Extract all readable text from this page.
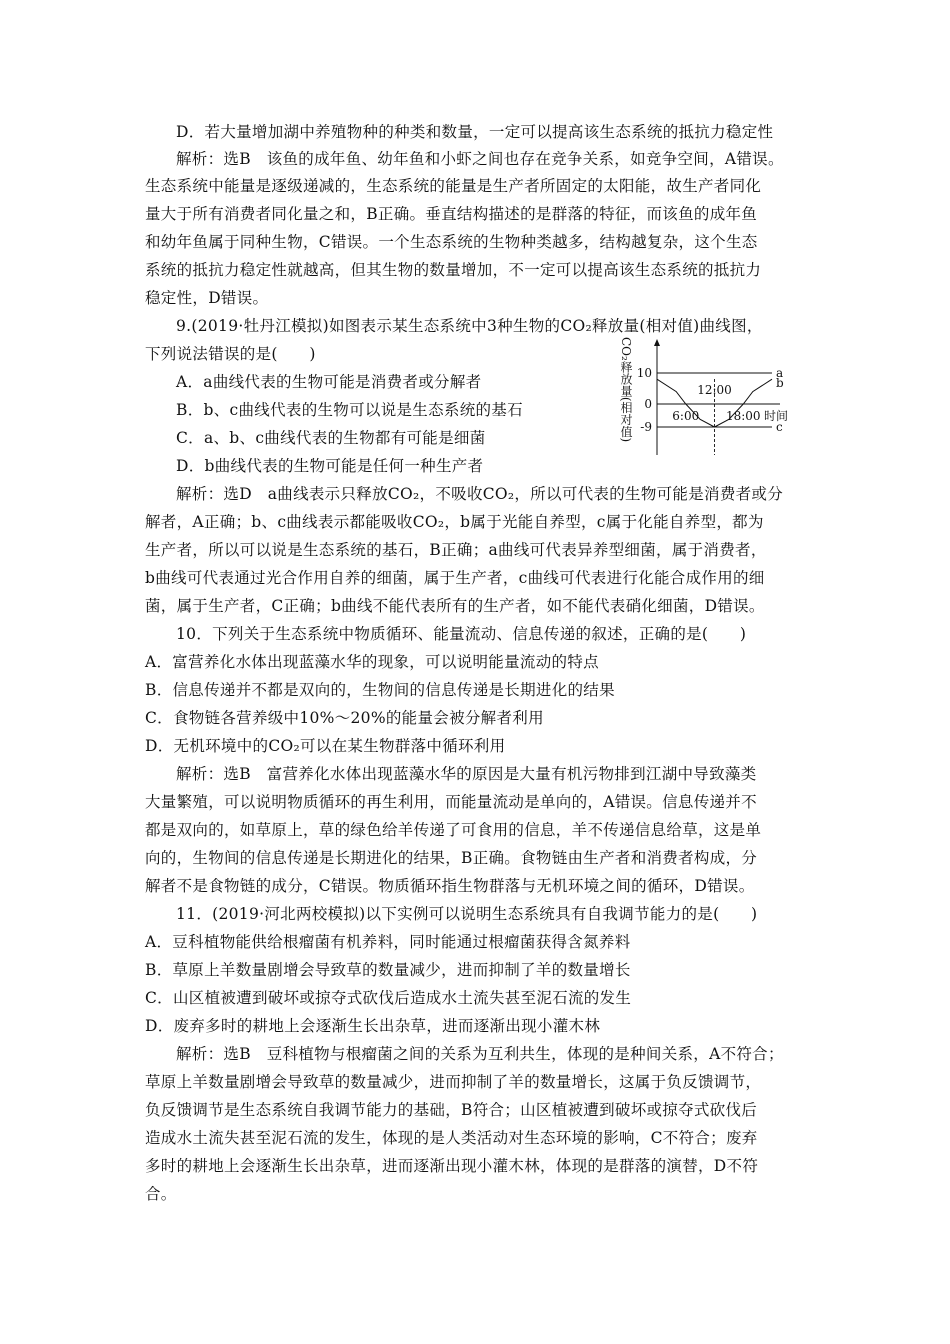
D．若大量增加湖中养殖物种的种类和数量，一定可以提高该生态系统的抵抗力稳定性
解析：选B　该鱼的成年鱼、幼年鱼和小虾之间也存在竞争关系，如竞争空间，A错误。
生态系统中能量是逐级递减的，生态系统的能量是生产者所固定的太阳能，故生产者同化
量大于所有消费者同化量之和，B正确。垂直结构描述的是群落的特征，而该鱼的成年鱼
和幼年鱼属于同种生物，C错误。一个生态系统的生物种类越多，结构越复杂，这个生态
系统的抵抗力稳定性就越高，但其生物的数量增加，不一定可以提高该生态系统的抵抗力
稳定性，D错误。
9.(2019·牡丹江模拟)如图表示某生态系统中3种生物的CO₂释放量(相对值)曲线图，
下列说法错误的是(　　)
A．a曲线代表的生物可能是消费者或分解者
B．b、c曲线代表的生物可以说是生态系统的基石
C．a、b、c曲线代表的生物都有可能是细菌
D．b曲线代表的生物可能是任何一种生产者
CO₂释放量(相对值)	时间
10
0
-9
6:00
12:00
18:00
a
b
c
解析：选D　a曲线表示只释放CO₂，不吸收CO₂，所以可代表的生物可能是消费者或分
解者，A正确；b、c曲线表示都能吸收CO₂，b属于光能自养型，c属于化能自养型，都为
生产者，所以可以说是生态系统的基石，B正确；a曲线可代表异养型细菌，属于消费者，
b曲线可代表通过光合作用自养的细菌，属于生产者，c曲线可代表进行化能合成作用的细
菌，属于生产者，C正确；b曲线不能代表所有的生产者，如不能代表硝化细菌，D错误。
10．下列关于生态系统中物质循环、能量流动、信息传递的叙述，正确的是(　　)
A．富营养化水体出现蓝藻水华的现象，可以说明能量流动的特点
B．信息传递并不都是双向的，生物间的信息传递是长期进化的结果
C．食物链各营养级中10%～20%的能量会被分解者利用
D．无机环境中的CO₂可以在某生物群落中循环利用
解析：选B　富营养化水体出现蓝藻水华的原因是大量有机污物排到江湖中导致藻类
大量繁殖，可以说明物质循环的再生利用，而能量流动是单向的，A错误。信息传递并不
都是双向的，如草原上，草的绿色给羊传递了可食用的信息，羊不传递信息给草，这是单
向的，生物间的信息传递是长期进化的结果，B正确。食物链由生产者和消费者构成，分
解者不是食物链的成分，C错误。物质循环指生物群落与无机环境之间的循环，D错误。
11．(2019·河北两校模拟)以下实例可以说明生态系统具有自我调节能力的是(　　)
A．豆科植物能供给根瘤菌有机养料，同时能通过根瘤菌获得含氮养料
B．草原上羊数量剧增会导致草的数量减少，进而抑制了羊的数量增长
C．山区植被遭到破坏或掠夺式砍伐后造成水土流失甚至泥石流的发生
D．废弃多时的耕地上会逐渐生长出杂草，进而逐渐出现小灌木林
解析：选B　豆科植物与根瘤菌之间的关系为互利共生，体现的是种间关系，A不符合；
草原上羊数量剧增会导致草的数量减少，进而抑制了羊的数量增长，这属于负反馈调节，
负反馈调节是生态系统自我调节能力的基础，B符合；山区植被遭到破坏或掠夺式砍伐后
造成水土流失甚至泥石流的发生，体现的是人类活动对生态环境的影响，C不符合；废弃
多时的耕地上会逐渐生长出杂草，进而逐渐出现小灌木林，体现的是群落的演替，D不符
合。
